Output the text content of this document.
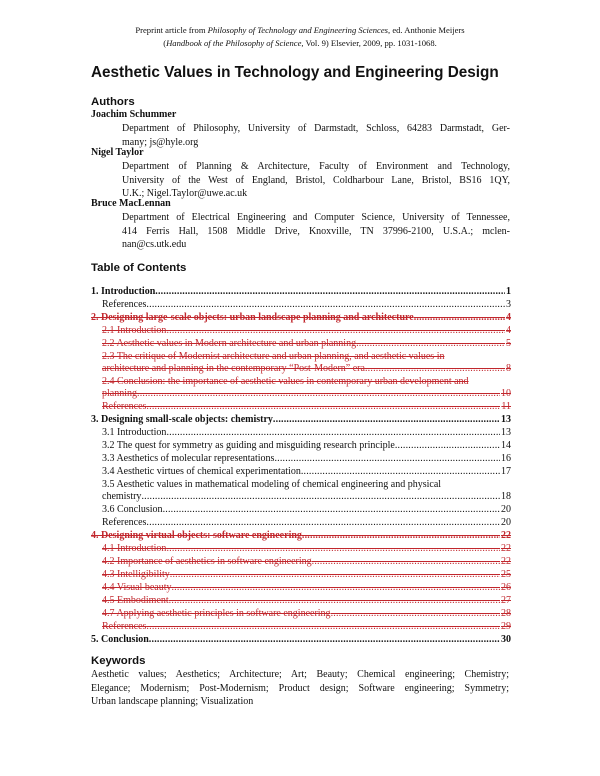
Preprint article from Philosophy of Technology and Engineering Sciences, ed. Anthonie Meijers
(Handbook of the Philosophy of Science, Vol. 9) Elsevier, 2009, pp. 1031-1068.
Aesthetic Values in Technology and Engineering Design
Authors
Joachim Schummer
Department of Philosophy, University of Darmstadt, Schloss, 64283 Darmstadt, Ger-
many; js@hyle.org
Nigel Taylor
Department of Planning & Architecture, Faculty of Environment and Technology,
University of the West of England, Bristol, Coldharbour Lane, Bristol, BS16 1QY,
U.K.; Nigel.Taylor@uwe.ac.uk
Bruce MacLennan
Department of Electrical Engineering and Computer Science, University of Tennessee,
414 Ferris Hall, 1508 Middle Drive, Knoxville, TN 37996-2100, U.S.A.; mclen-
nan@cs.utk.edu
Table of Contents
1. Introduction .....	1
References .....	3
2. Designing large-scale objects: urban landscape planning and architecture .....	4
2.1 Introduction .....	4
2.2 Aesthetic values in Modern architecture and urban planning .....	5
2.3 The critique of Modernist architecture and urban planning, and aesthetic values in
architecture and planning in the contemporary “Post-Modern” era .....	8
2.4 Conclusion: the importance of aesthetic values in contemporary urban development and
planning .....	10
References .....	11
3. Designing small-scale objects: chemistry .....	13
3.1 Introduction .....	13
3.2 The quest for symmetry as guiding and misguiding research principle .....	14
3.3 Aesthetics of molecular representations .....	16
3.4 Aesthetic virtues of chemical experimentation .....	17
3.5 Aesthetic values in mathematical modeling of chemical engineering and physical
chemistry .....	18
3.6 Conclusion .....	20
References .....	20
4. Designing virtual objects: software engineering .....	22
4.1 Introduction .....	22
4.2 Importance of aesthetics in software engineering .....	22
4.3 Intelligibility .....	25
4.4 Visual beauty .....	26
4.5 Embodiment .....	27
4.7 Applying aesthetic principles in software engineering .....	28
References .....	29
5. Conclusion .....	30
Keywords
Aesthetic values; Aesthetics; Architecture; Art; Beauty; Chemical engineering; Chemistry;
Elegance; Modernism; Post-Modernism; Product design; Software engineering; Symmetry;
Urban landscape planning; Visualization
